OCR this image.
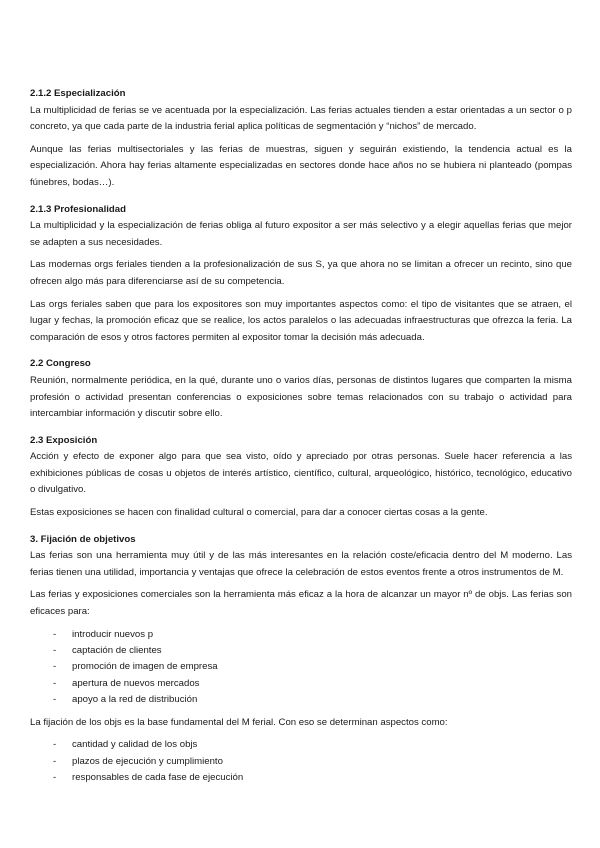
2.1.2 Especialización

La multiplicidad de ferias se ve acentuada por la especialización. Las ferias actuales tienden a estar orientadas a un sector o p concreto, ya que cada parte de la industria ferial aplica políticas de segmentación y “nichos” de mercado.

Aunque las ferias multisectoriales y las ferias de muestras, siguen y seguirán existiendo, la tendencia actual es la especialización. Ahora hay ferias altamente especializadas en sectores donde hace años no se hubiera ni planteado (pompas fúnebres, bodas…).

2.1.3 Profesionalidad

La multiplicidad y la especialización de ferias obliga al futuro expositor a ser más selectivo y a elegir aquellas ferias que mejor se adapten a sus necesidades.

Las modernas orgs feriales tienden a la profesionalización de sus S, ya que ahora no se limitan a ofrecer un recinto, sino que ofrecen algo más para diferenciarse así de su competencia.

Las orgs feriales saben que para los expositores son muy importantes aspectos como: el tipo de visitantes que se atraen, el lugar y fechas, la promoción eficaz que se realice, los actos paralelos o las adecuadas infraestructuras que ofrezca la feria. La comparación de esos y otros factores permiten al expositor tomar la decisión más adecuada.

2.2 Congreso

Reunión, normalmente periódica, en la qué, durante uno o varios días, personas de distintos lugares que comparten la misma profesión o actividad presentan conferencias o exposiciones sobre temas relacionados con su trabajo o actividad para intercambiar información y discutir sobre ello.

2.3 Exposición

Acción y efecto de exponer algo para que sea visto, oído y apreciado por otras personas. Suele hacer referencia a las exhibiciones públicas de cosas u objetos de interés artístico, científico, cultural, arqueológico, histórico, tecnológico, educativo o divulgativo.

Estas exposiciones se hacen con finalidad cultural o comercial, para dar a conocer ciertas cosas a la gente.

3. Fijación de objetivos

Las ferias son una herramienta muy útil y de las más interesantes en la relación coste/eficacia dentro del M moderno. Las ferias tienen una utilidad, importancia y ventajas que ofrece la celebración de estos eventos frente a otros instrumentos de M.

Las ferias y exposiciones comerciales son la herramienta más eficaz a la hora de alcanzar un mayor nº de objs. Las ferias son eficaces para:

- introducir nuevos p
- captación de clientes
- promoción de imagen de empresa
- apertura de nuevos mercados
- apoyo a la red de distribución

La fijación de los objs es la base fundamental del M ferial. Con eso se determinan aspectos como:

- cantidad y calidad de los objs
- plazos de ejecución y cumplimiento
- responsables de cada fase de ejecución
